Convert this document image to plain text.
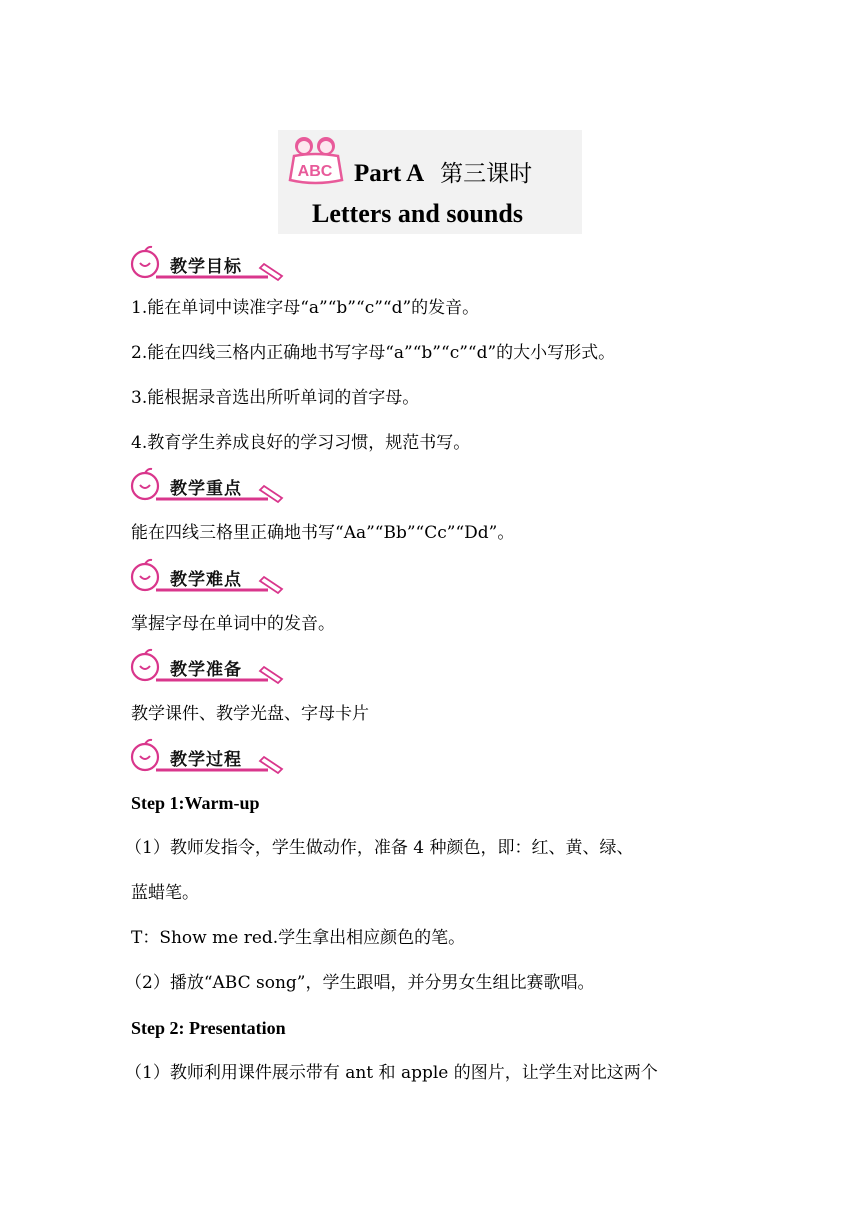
ABC Part A 第三课时
Letters and sounds
教学目标
教学重点
教学难点
教学准备
教学过程
1.能在单词中读准字母“a”“b”“c”“d”的发音。
2.能在四线三格内正确地书写字母“a”“b”“c”“d”的大小写形式。
3.能根据录音选出所听单词的首字母。
4.教育学生养成良好的学习习惯，规范书写。
能在四线三格里正确地书写“Aa”“Bb”“Cc”“Dd”。
掌握字母在单词中的发音。
教学课件、教学光盘、字母卡片
Step 1:Warm-up
（1）教师发指令，学生做动作，准备 4 种颜色，即：红、黄、绿、
蓝蜡笔。
T：Show me red.学生拿出相应颜色的笔。
（2）播放“ABC song”，学生跟唱，并分男女生组比赛歌唱。
Step 2: Presentation
（1）教师利用课件展示带有 ant 和 apple 的图片，让学生对比这两个
